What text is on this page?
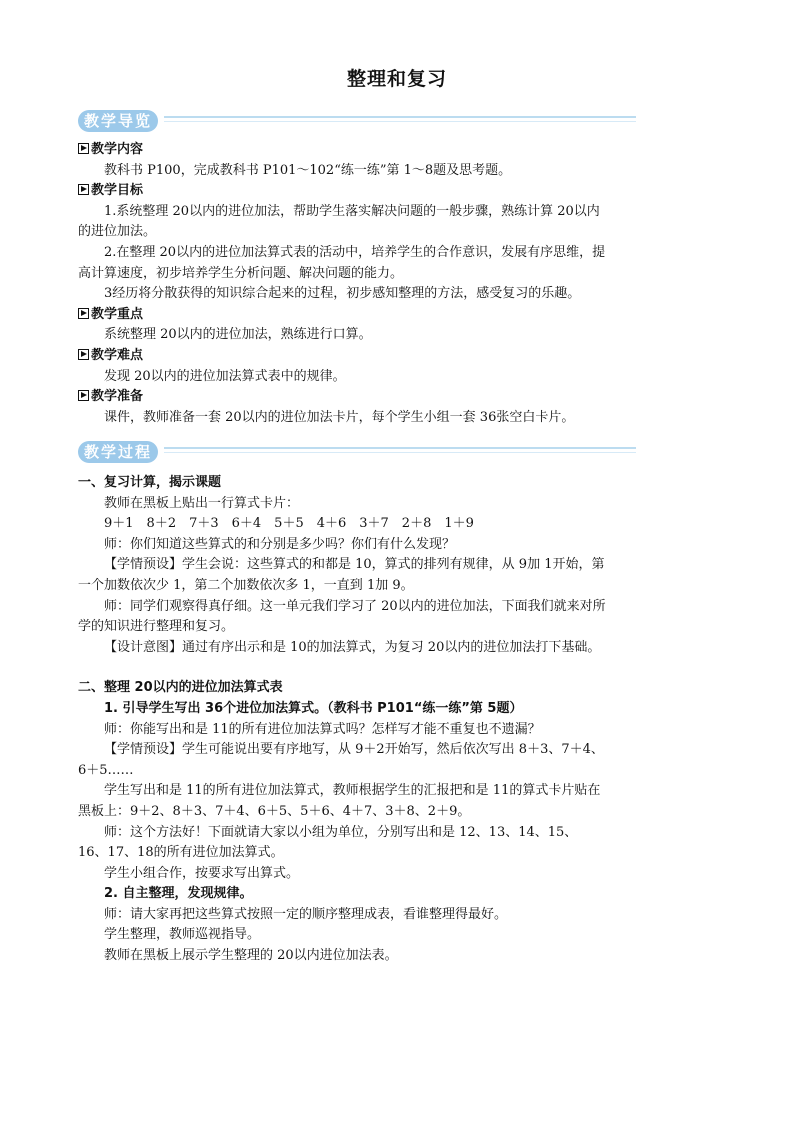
整理和复习
教学导览

教学内容

教科书 P100，完成教科书 P101～102“练一练”第 1～8题及思考题。

教学目标

1.系统整理 20以内的进位加法，帮助学生落实解决问题的一般步骤，熟练计算 20以内的进位加法。

2.在整理 20以内的进位加法算式表的活动中，培养学生的合作意识，发展有序思维，提高计算速度，初步培养学生分析问题、解决问题的能力。

3经历将分散获得的知识综合起来的过程，初步感知整理的方法，感受复习的乐趣。

教学重点

系统整理 20以内的进位加法，熟练进行口算。

教学难点

发现 20以内的进位加法算式表中的规律。

教学准备

课件，教师准备一套 20以内的进位加法卡片，每个学生小组一套 36张空白卡片。

教学过程

一、复习计算，揭示课题

教师在黑板上贴出一行算式卡片：

9＋1　8＋2　7＋3　6＋4　5＋5　4＋6　3＋7　2＋8　1＋9

师：你们知道这些算式的和分别是多少吗？你们有什么发现？

【学情预设】学生会说：这些算式的和都是 10，算式的排列有规律，从 9加 1开始，第一个加数依次少 1，第二个加数依次多 1，一直到 1加 9。

师：同学们观察得真仔细。这一单元我们学习了 20以内的进位加法，下面我们就来对所学的知识进行整理和复习。

【设计意图】通过有序出示和是 10的加法算式，为复习 20以内的进位加法打下基础。

二、整理 20以内的进位加法算式表

1. 引导学生写出 36个进位加法算式。（教科书 P101“练一练”第 5题）

师：你能写出和是 11的所有进位加法算式吗？怎样写才能不重复也不遗漏？

【学情预设】学生可能说出要有序地写，从 9＋2开始写，然后依次写出 8＋3、7＋4、6＋5……

学生写出和是 11的所有进位加法算式，教师根据学生的汇报把和是 11的算式卡片贴在黑板上：9＋2、8＋3、7＋4、6＋5、5＋6、4＋7、3＋8、2＋9。

师：这个方法好！下面就请大家以小组为单位，分别写出和是 12、13、14、15、16、17、18的所有进位加法算式。

学生小组合作，按要求写出算式。

2. 自主整理，发现规律。

师：请大家再把这些算式按照一定的顺序整理成表，看谁整理得最好。

学生整理，教师巡视指导。

教师在黑板上展示学生整理的 20以内进位加法表。
